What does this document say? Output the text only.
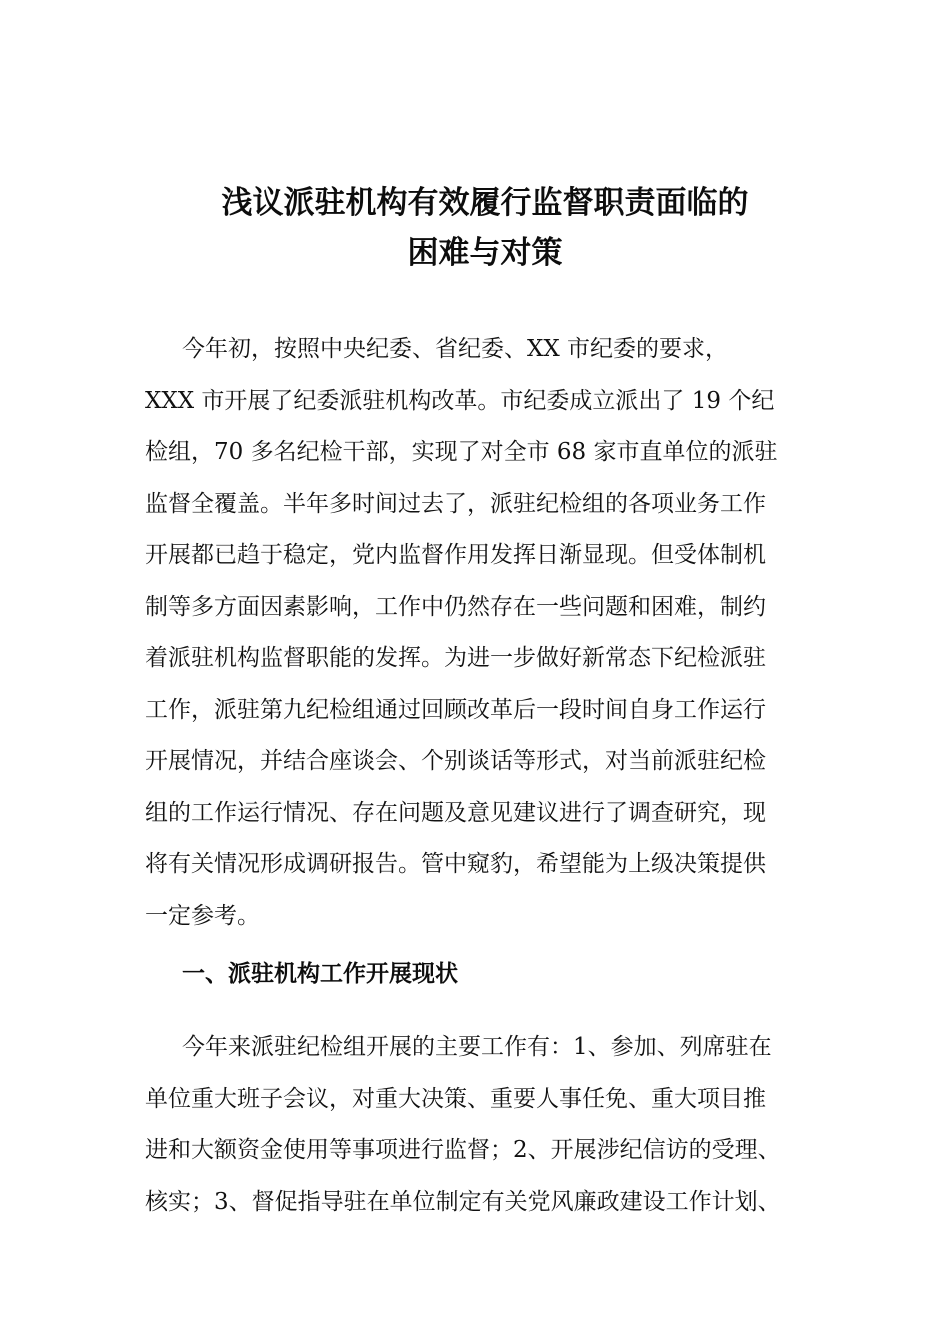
浅议派驻机构有效履行监督职责面临的
困难与对策
今年初，按照中央纪委、省纪委、XX 市纪委的要求，
XXX 市开展了纪委派驻机构改革。市纪委成立派出了 19 个纪
检组，70 多名纪检干部，实现了对全市 68 家市直单位的派驻
监督全覆盖。半年多时间过去了，派驻纪检组的各项业务工作
开展都已趋于稳定，党内监督作用发挥日渐显现。但受体制机
制等多方面因素影响，工作中仍然存在一些问题和困难，制约
着派驻机构监督职能的发挥。为进一步做好新常态下纪检派驻
工作，派驻第九纪检组通过回顾改革后一段时间自身工作运行
开展情况，并结合座谈会、个别谈话等形式，对当前派驻纪检
组的工作运行情况、存在问题及意见建议进行了调查研究，现
将有关情况形成调研报告。管中窥豹，希望能为上级决策提供
一定参考。
一、派驻机构工作开展现状
今年来派驻纪检组开展的主要工作有：1、参加、列席驻在
单位重大班子会议，对重大决策、重要人事任免、重大项目推
进和大额资金使用等事项进行监督；2、开展涉纪信访的受理、
核实；3、督促指导驻在单位制定有关党风廉政建设工作计划、
